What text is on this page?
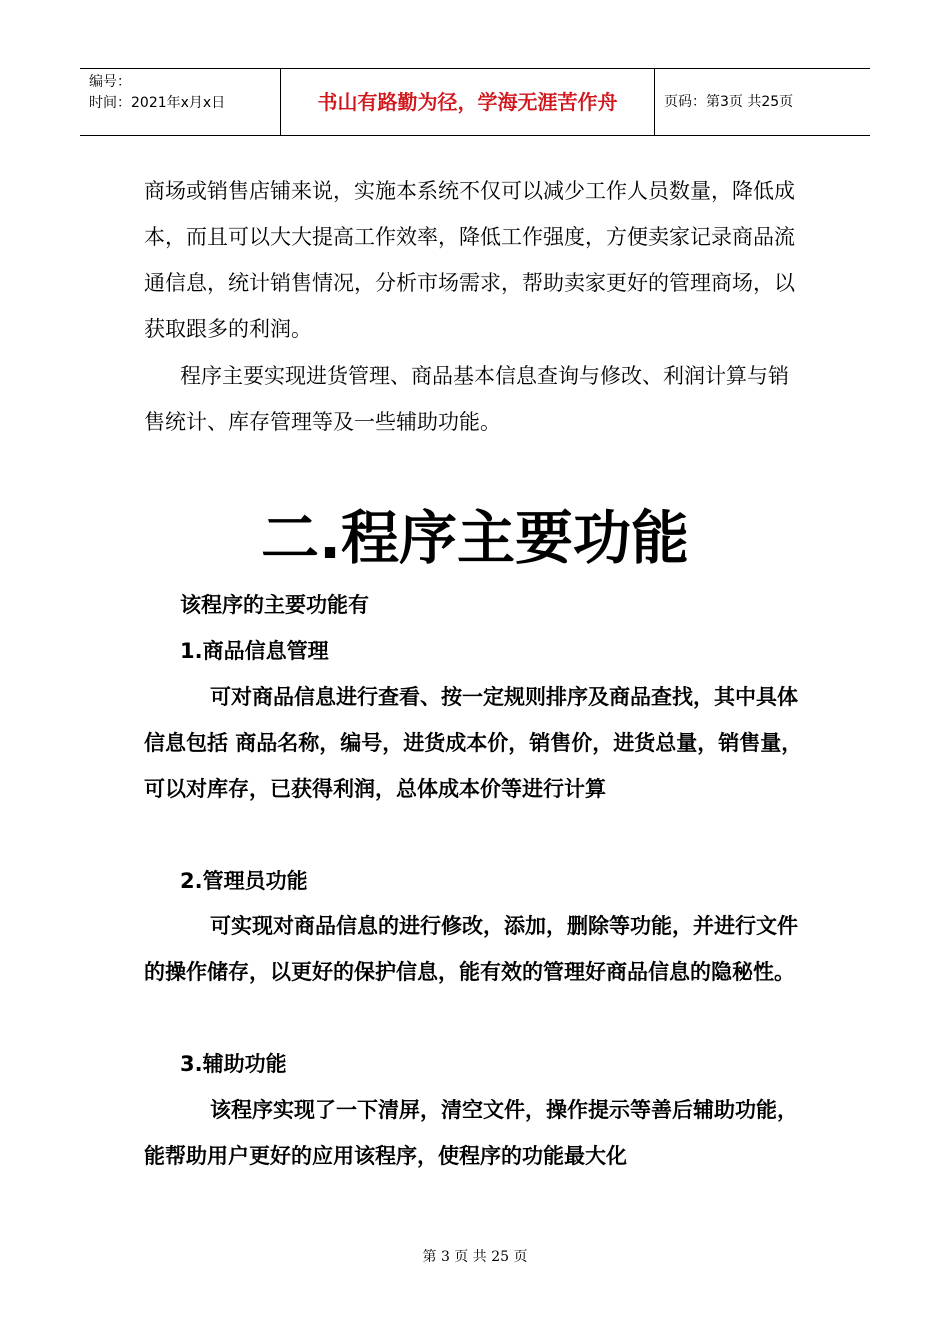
编号：
时间：2021年x月x日	书山有路勤为径，学海无涯苦作舟	页码：第3页 共25页

商场或销售店铺来说，实施本系统不仅可以减少工作人员数量，降低成本，而且可以大大提高工作效率，降低工作强度，方便卖家记录商品流通信息，统计销售情况，分析市场需求，帮助卖家更好的管理商场，以获取跟多的利润。

程序主要实现进货管理、商品基本信息查询与修改、利润计算与销售统计、库存管理等及一些辅助功能。

二.程序主要功能

该程序的主要功能有

1.商品信息管理

可对商品信息进行查看、按一定规则排序及商品查找，其中具体信息包括 商品名称，编号，进货成本价，销售价，进货总量，销售量，可以对库存，已获得利润，总体成本价等进行计算

2.管理员功能

可实现对商品信息的进行修改，添加，删除等功能，并进行文件的操作储存，以更好的保护信息，能有效的管理好商品信息的隐秘性。

3.辅助功能

该程序实现了一下清屏，清空文件，操作提示等善后辅助功能，能帮助用户更好的应用该程序，使程序的功能最大化

第 3 页 共 25 页
